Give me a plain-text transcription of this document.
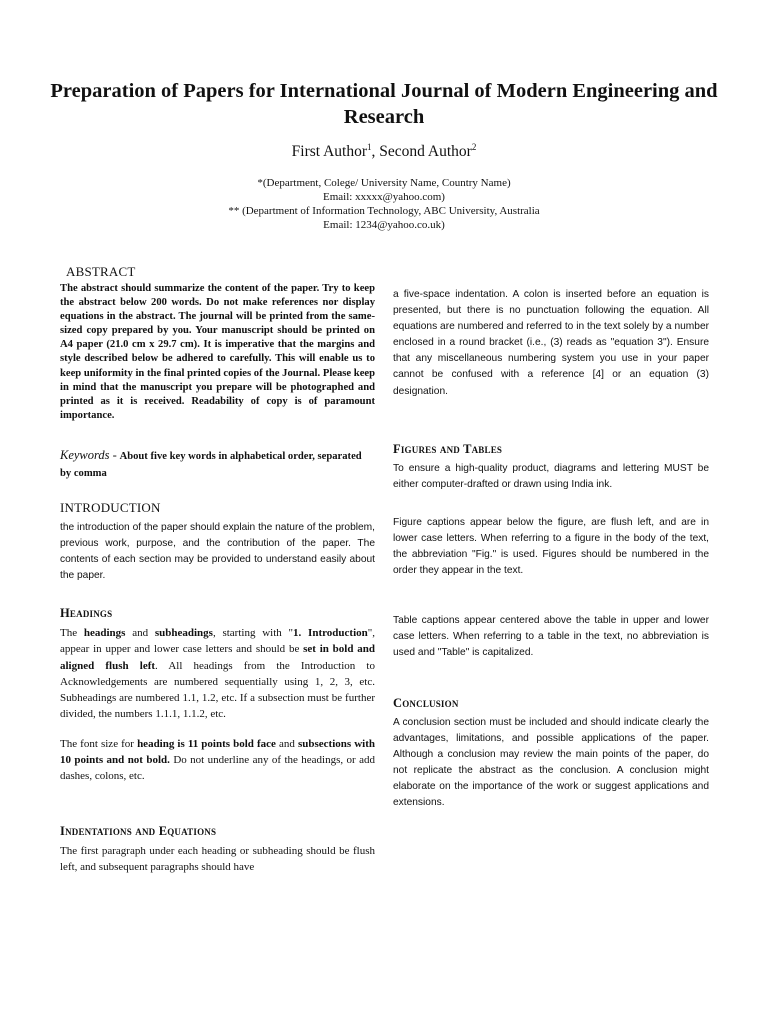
Preparation of Papers for International Journal of Modern Engineering and Research
First Author$^1$, Second Author$^2$
*(Department, Colege/ University Name, Country Name)
Email: xxxxx@yahoo.com)
** (Department of Information Technology, ABC University, Australia
Email: 1234@yahoo.co.uk)
ABSTRACT

The abstract should summarize the content of the paper. Try to keep the abstract below 200 words. Do not make references nor display equations in the abstract. The journal will be printed from the same-sized copy prepared by you. Your manuscript should be printed on A4 paper (21.0 cm x 29.7 cm). It is imperative that the margins and style described below be adhered to carefully. This will enable us to keep uniformity in the final printed copies of the Journal. Please keep in mind that the manuscript you prepare will be photographed and printed as it is received. Readability of copy is of paramount importance.

Keywords - About five key words in alphabetical order, separated by comma
INTRODUCTION

the introduction of the paper should explain the nature of the problem, previous work, purpose, and the contribution of the paper. The contents of each section may be provided to understand easily about the paper.

Headings

The headings and subheadings, starting with "1. Introduction", appear in upper and lower case letters and should be set in bold and aligned flush left. All headings from the Introduction to Acknowledgements are numbered sequentially using 1, 2, 3, etc. Subheadings are numbered 1.1, 1.2, etc. If a subsection must be further divided, the numbers 1.1.1, 1.1.2, etc.

The font size for heading is 11 points bold face and subsections with 10 points and not bold. Do not underline any of the headings, or add dashes, colons, etc.

Indentations and Equations

The first paragraph under each heading or subheading should be flush left, and subsequent paragraphs should have

a five-space indentation. A colon is inserted before an equation is presented, but there is no punctuation following the equation. All equations are numbered and referred to in the text solely by a number enclosed in a round bracket (i.e., (3) reads as "equation 3"). Ensure that any miscellaneous numbering system you use in your paper cannot be confused with a reference [4] or an equation (3) designation.

Figures and Tables

To ensure a high-quality product, diagrams and lettering MUST be either computer-drafted or drawn using India ink.

Figure captions appear below the figure, are flush left, and are in lower case letters. When referring to a figure in the body of the text, the abbreviation "Fig." is used. Figures should be numbered in the order they appear in the text.

Table captions appear centered above the table in upper and lower case letters. When referring to a table in the text, no abbreviation is used and "Table" is capitalized.

Conclusion

A conclusion section must be included and should indicate clearly the advantages, limitations, and possible applications of the paper. Although a conclusion may review the main points of the paper, do not replicate the abstract as the conclusion. A conclusion might elaborate on the importance of the work or suggest applications and extensions.
